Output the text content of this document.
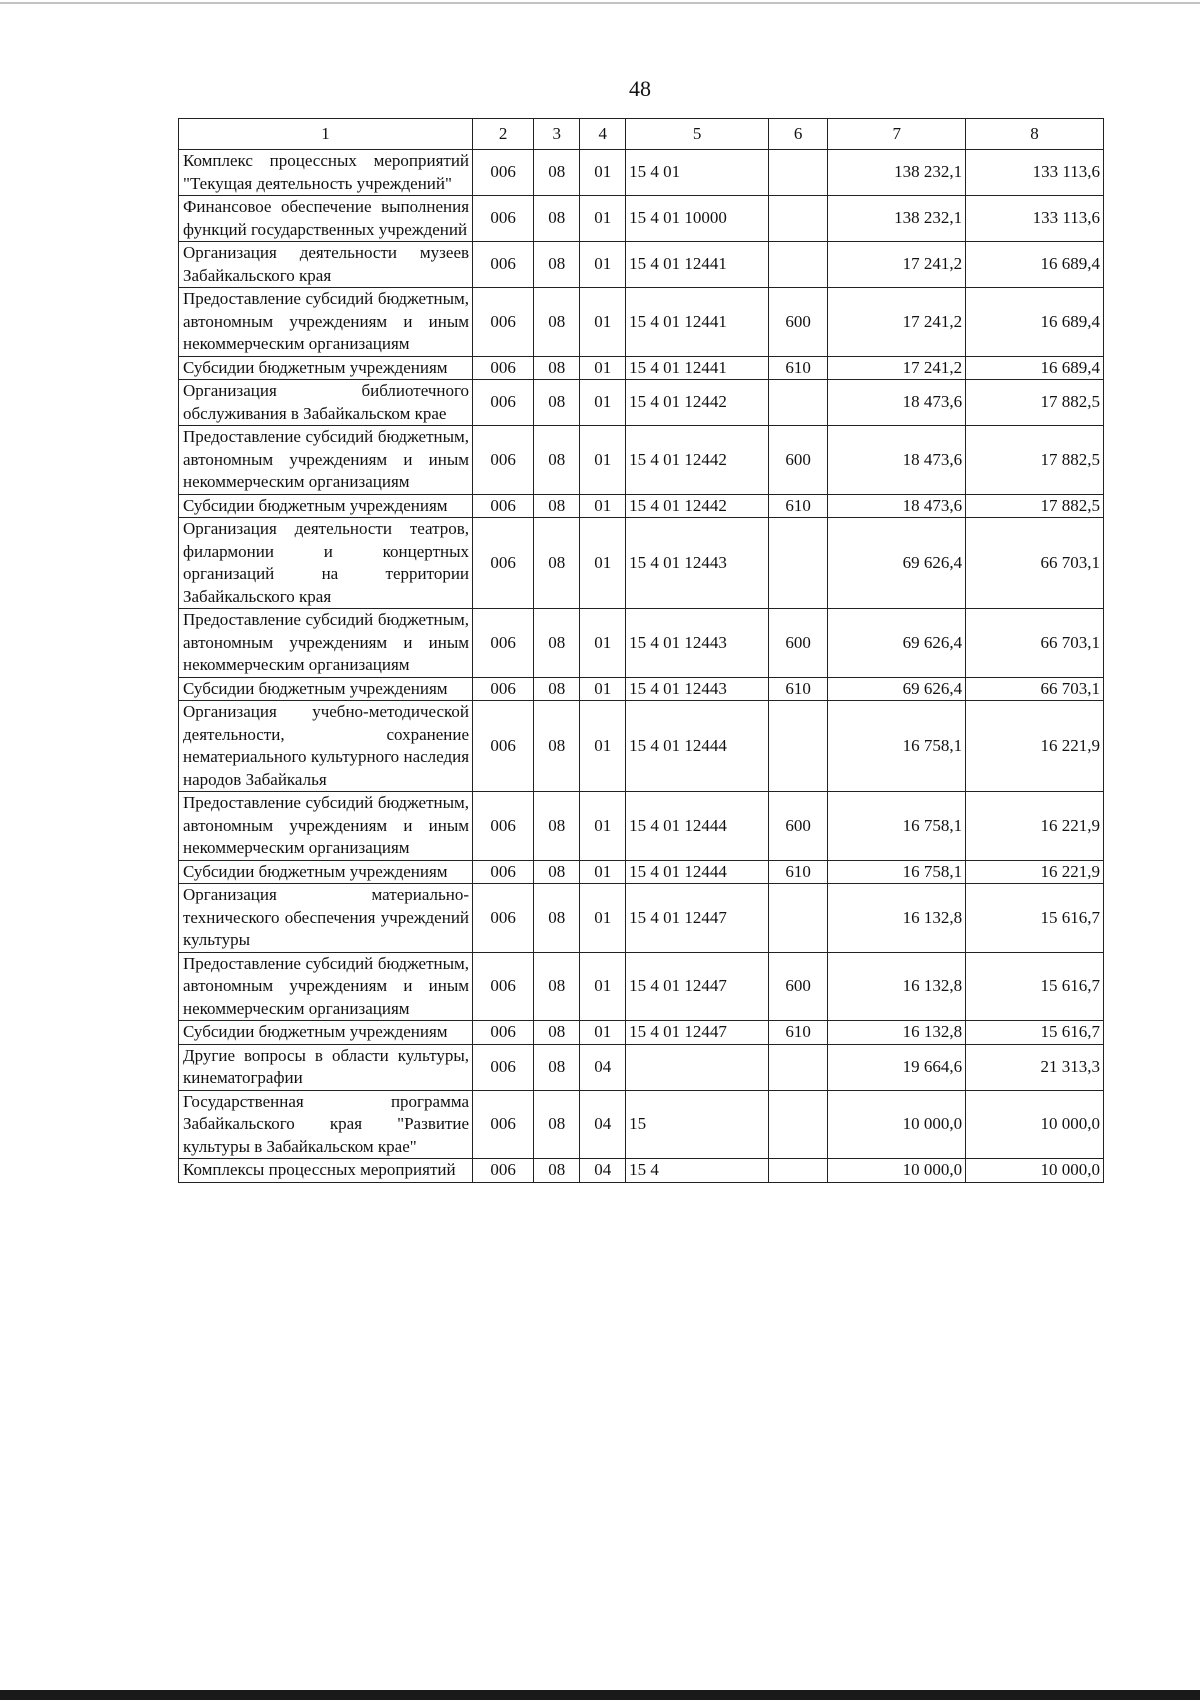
48
1	2	3	4	5	6	7	8
Комплекс процессных мероприятий "Текущая деятельность учреждений"	006	08	01	15 4 01		138 232,1	133 113,6
Финансовое обеспечение выполнения функций государственных учреждений	006	08	01	15 4 01 10000		138 232,1	133 113,6
Организация деятельности музеев Забайкальского края	006	08	01	15 4 01 12441		17 241,2	16 689,4
Предоставление субсидий бюджетным, автономным учреждениям и иным некоммерческим организациям	006	08	01	15 4 01 12441	600	17 241,2	16 689,4
Субсидии бюджетным учреждениям	006	08	01	15 4 01 12441	610	17 241,2	16 689,4
Организация библиотечного обслуживания в Забайкальском крае	006	08	01	15 4 01 12442		18 473,6	17 882,5
Предоставление субсидий бюджетным, автономным учреждениям и иным некоммерческим организациям	006	08	01	15 4 01 12442	600	18 473,6	17 882,5
Субсидии бюджетным учреждениям	006	08	01	15 4 01 12442	610	18 473,6	17 882,5
Организация деятельности театров, филармонии и концертных организаций на территории Забайкальского края	006	08	01	15 4 01 12443		69 626,4	66 703,1
Предоставление субсидий бюджетным, автономным учреждениям и иным некоммерческим организациям	006	08	01	15 4 01 12443	600	69 626,4	66 703,1
Субсидии бюджетным учреждениям	006	08	01	15 4 01 12443	610	69 626,4	66 703,1
Организация учебно-методической деятельности, сохранение нематериального культурного наследия народов Забайкалья	006	08	01	15 4 01 12444		16 758,1	16 221,9
Предоставление субсидий бюджетным, автономным учреждениям и иным некоммерческим организациям	006	08	01	15 4 01 12444	600	16 758,1	16 221,9
Субсидии бюджетным учреждениям	006	08	01	15 4 01 12444	610	16 758,1	16 221,9
Организация материально-технического обеспечения учреждений культуры	006	08	01	15 4 01 12447		16 132,8	15 616,7
Предоставление субсидий бюджетным, автономным учреждениям и иным некоммерческим организациям	006	08	01	15 4 01 12447	600	16 132,8	15 616,7
Субсидии бюджетным учреждениям	006	08	01	15 4 01 12447	610	16 132,8	15 616,7
Другие вопросы в области культуры, кинематографии	006	08	04			19 664,6	21 313,3
Государственная программа Забайкальского края "Развитие культуры в Забайкальском крае"	006	08	04	15		10 000,0	10 000,0
Комплексы процессных мероприятий	006	08	04	15 4		10 000,0	10 000,0
